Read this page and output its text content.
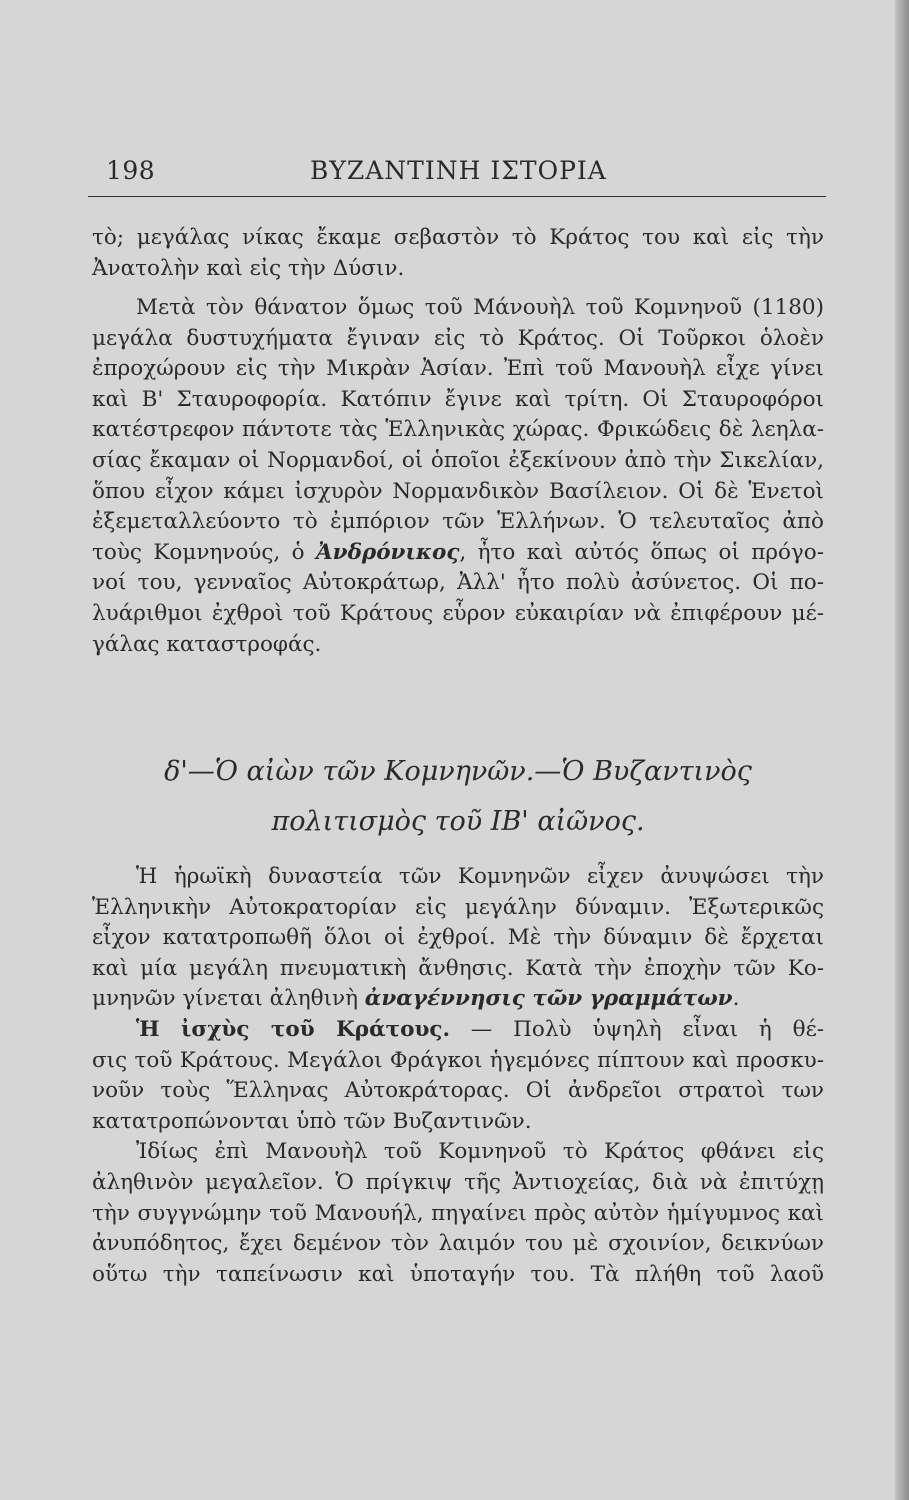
198	ΒΥΖΑΝΤΙΝΗ ΙΣΤΟΡΙΑ
τὸ; μεγάλας νίκας ἔκαμε σεβαστὸν τὸ Κράτος του καὶ εἰς τὴν
Ἀνατολὴν καὶ εἰς τὴν Δύσιν.
Μετὰ τὸν θάνατον ὅμως τοῦ Μάνουὴλ τοῦ Κομνηνοῦ (1180)
μεγάλα δυστυχήματα ἔγιναν εἰς τὸ Κράτος. Οἱ Τοῦρκοι ὁλοὲν
ἐπροχώρουν εἰς τὴν Μικρὰν Ἀσίαν. Ἐπὶ τοῦ Μανουὴλ εἶχε γίνει
καὶ Β' Σταυροφορία. Κατόπιν ἔγινε καὶ τρίτη. Οἱ Σταυροφόροι
κατέστρεφον πάντοτε τὰς Ἑλληνικὰς χώρας. Φρικώδεις δὲ λεηλα-
σίας ἔκαμαν οἱ Νορμανδοί, οἱ ὁποῖοι ἐξεκίνουν ἀπὸ τὴν Σικελίαν,
ὅπου εἶχον κάμει ἰσχυρὸν Νορμανδικὸν Βασίλειον. Οἱ δὲ Ἑνετοὶ
ἐξεμεταλλεύοντο τὸ ἐμπόριον τῶν Ἑλλήνων. Ὁ τελευταῖος ἀπὸ
τοὺς Κομνηνούς, ὁ Ἀνδρόνικος, ἦτο καὶ αὐτός ὅπως οἱ πρόγο-
νοί του, γενναῖος Αὐτοκράτωρ, Ἀλλ' ἦτο πολὺ ἀσύνετος. Οἱ πο-
λυάριθμοι ἐχθροὶ τοῦ Κράτους εὗρον εὐκαιρίαν νὰ ἐπιφέρουν μέ-
γάλας καταστροφάς.
δ'—Ὁ αἰὼν τῶν Κομνηνῶν.—Ὁ Βυζαντινὸς
πολιτισμὸς τοῦ ΙΒ' αἰῶνος.
Ἡ ἡρωϊκὴ δυναστεία τῶν Κομνηνῶν εἶχεν ἀνυψώσει τὴν
Ἑλληνικὴν Αὐτοκρατορίαν εἰς μεγάλην δύναμιν. Ἐξωτερικῶς
εἶχον κατατροπωθῆ ὅλοι οἱ ἐχθροί. Μὲ τὴν δύναμιν δὲ ἔρχεται
καὶ μία μεγάλη πνευματικὴ ἄνθησις. Κατὰ τὴν ἐποχὴν τῶν Κο-
μνηνῶν γίνεται ἀληθινὴ ἀναγέννησις τῶν γραμμάτων.
Ἡ ἰσχὺς τοῦ Κράτους. — Πολὺ ὑψηλὴ εἶναι ἡ θέ-
σις τοῦ Κράτους. Μεγάλοι Φράγκοι ἡγεμόνες πίπτουν καὶ προσκυ-
νοῦν τοὺς Ἕλληνας Αὐτοκράτορας. Οἱ ἀνδρεῖοι στρατοὶ των
κατατροπώνονται ὑπὸ τῶν Βυζαντινῶν.
Ἰδίως ἐπὶ Μανουὴλ τοῦ Κομνηνοῦ τὸ Κράτος φθάνει εἰς
ἀληθινὸν μεγαλεῖον. Ὁ πρίγκιψ τῆς Ἀντιοχείας, διὰ νὰ ἐπιτύχῃ
τὴν συγγνώμην τοῦ Μανουήλ, πηγαίνει πρὸς αὐτὸν ἡμίγυμνος καὶ
ἀνυπόδητος, ἔχει δεμένον τὸν λαιμόν του μὲ σχοινίον, δεικνύων
οὕτω τὴν ταπείνωσιν καὶ ὑποταγήν του. Τὰ πλήθη τοῦ λαοῦ
